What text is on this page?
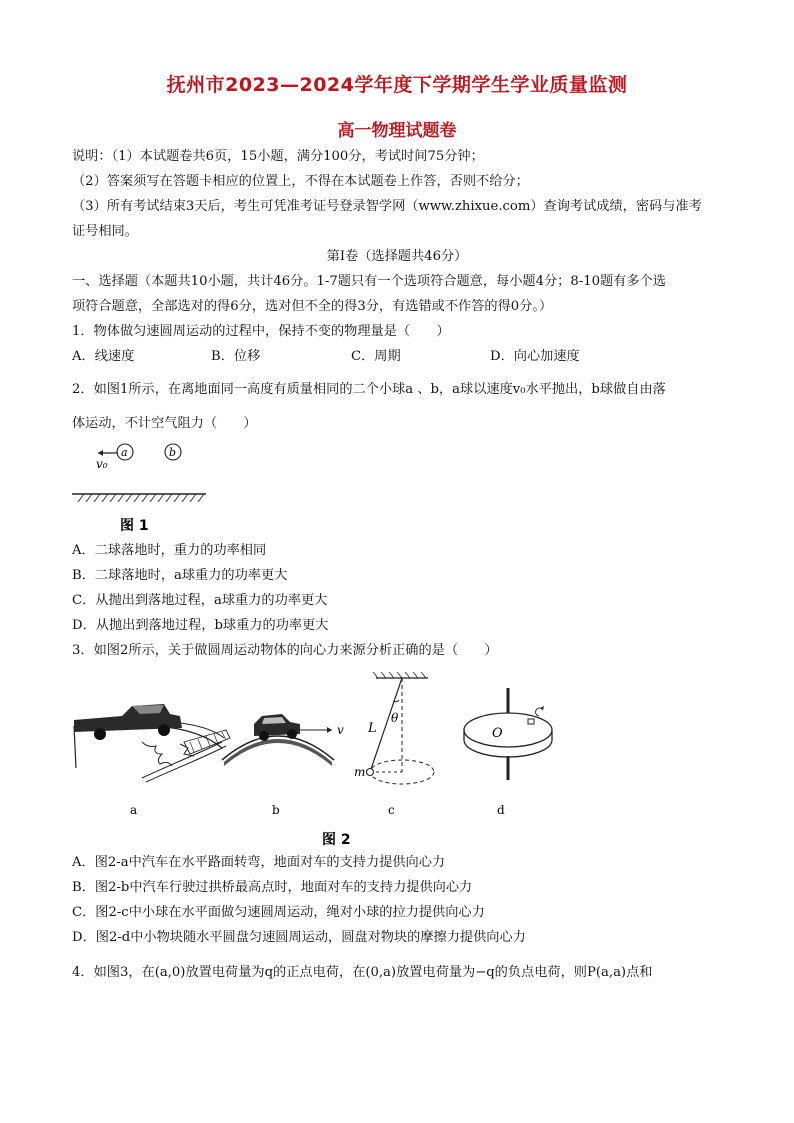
抚州市2023—2024学年度下学期学生学业质量监测
高一物理试题卷
说明：（1）本试题卷共6页，15小题，满分100分，考试时间75分钟；
（2）答案须写在答题卡相应的位置上，不得在本试题卷上作答，否则不给分；
（3）所有考试结束3天后，考生可凭准考证号登录智学网（www.zhixue.com）查询考试成绩，密码与准考
证号相同。
第Ⅰ卷（选择题共46分）
一、选择题（本题共10小题，共计46分。1-7题只有一个选项符合题意，每小题4分；8-10题有多个选
项符合题意，全部选对的得6分，选对但不全的得3分，有选错或不作答的得0分。）
1．物体做匀速圆周运动的过程中，保持不变的物理量是（　　）
A．线速度	B．位移	C．周期	D．向心加速度
2．如图1所示，在离地面同一高度有质量相同的二个小球a 、b，a球以速度v₀水平抛出，b球做自由落
体运动，不计空气阻力（　　）
v₀
a	b
图 1
A．二球落地时，重力的功率相同
B．二球落地时，a球重力的功率更大
C．从抛出到落地过程，a球重力的功率更大
D．从抛出到落地过程，b球重力的功率更大
3．如图2所示，关于做圆周运动物体的向心力来源分析正确的是（　　）
a
v
b
L
θ
m
c
O
d
图 2
A．图2-a中汽车在水平路面转弯，地面对车的支持力提供向心力
B．图2-b中汽车行驶过拱桥最高点时，地面对车的支持力提供向心力
C．图2-c中小球在水平面做匀速圆周运动，绳对小球的拉力提供向心力
D．图2-d中小物块随水平圆盘匀速圆周运动，圆盘对物块的摩擦力提供向心力
4．如图3，在(a,0)放置电荷量为q的正点电荷，在(0,a)放置电荷量为−q的负点电荷，则P(a,a)点和
